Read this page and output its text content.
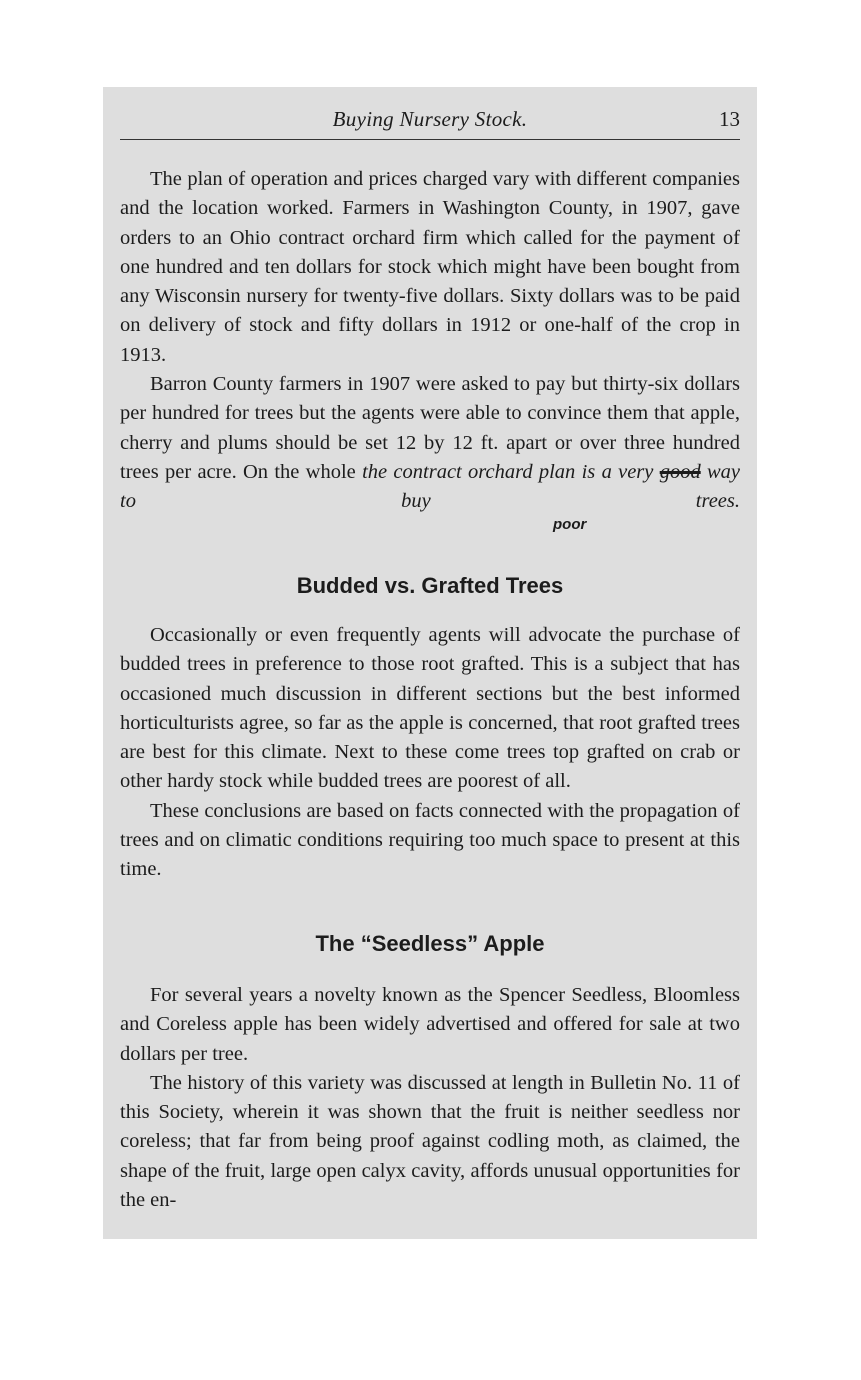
Buying Nursery Stock.	13

The plan of operation and prices charged vary with different companies and the location worked. Farmers in Washington County, in 1907, gave orders to an Ohio contract orchard firm which called for the payment of one hundred and ten dollars for stock which might have been bought from any Wisconsin nursery for twenty-five dollars. Sixty dollars was to be paid on delivery of stock and fifty dollars in 1912 or one-half of the crop in 1913.

Barron County farmers in 1907 were asked to pay but thirty-six dollars per hundred for trees but the agents were able to convince them that apple, cherry and plums should be set 12 by 12 ft. apart or over three hundred trees per acre. On the whole the contract orchard plan is a very good way to buy trees.

poor
Budded vs. Grafted Trees

Occasionally or even frequently agents will advocate the purchase of budded trees in preference to those root grafted. This is a subject that has occasioned much discussion in different sections but the best informed horticulturists agree, so far as the apple is concerned, that root grafted trees are best for this climate. Next to these come trees top grafted on crab or other hardy stock while budded trees are poorest of all.

These conclusions are based on facts connected with the propagation of trees and on climatic conditions requiring too much space to present at this time.

The “Seedless” Apple

For several years a novelty known as the Spencer Seedless, Bloomless and Coreless apple has been widely advertised and offered for sale at two dollars per tree.

The history of this variety was discussed at length in Bulletin No. 11 of this Society, wherein it was shown that the fruit is neither seedless nor coreless; that far from being proof against codling moth, as claimed, the shape of the fruit, large open calyx cavity, affords unusual opportunities for the en-
